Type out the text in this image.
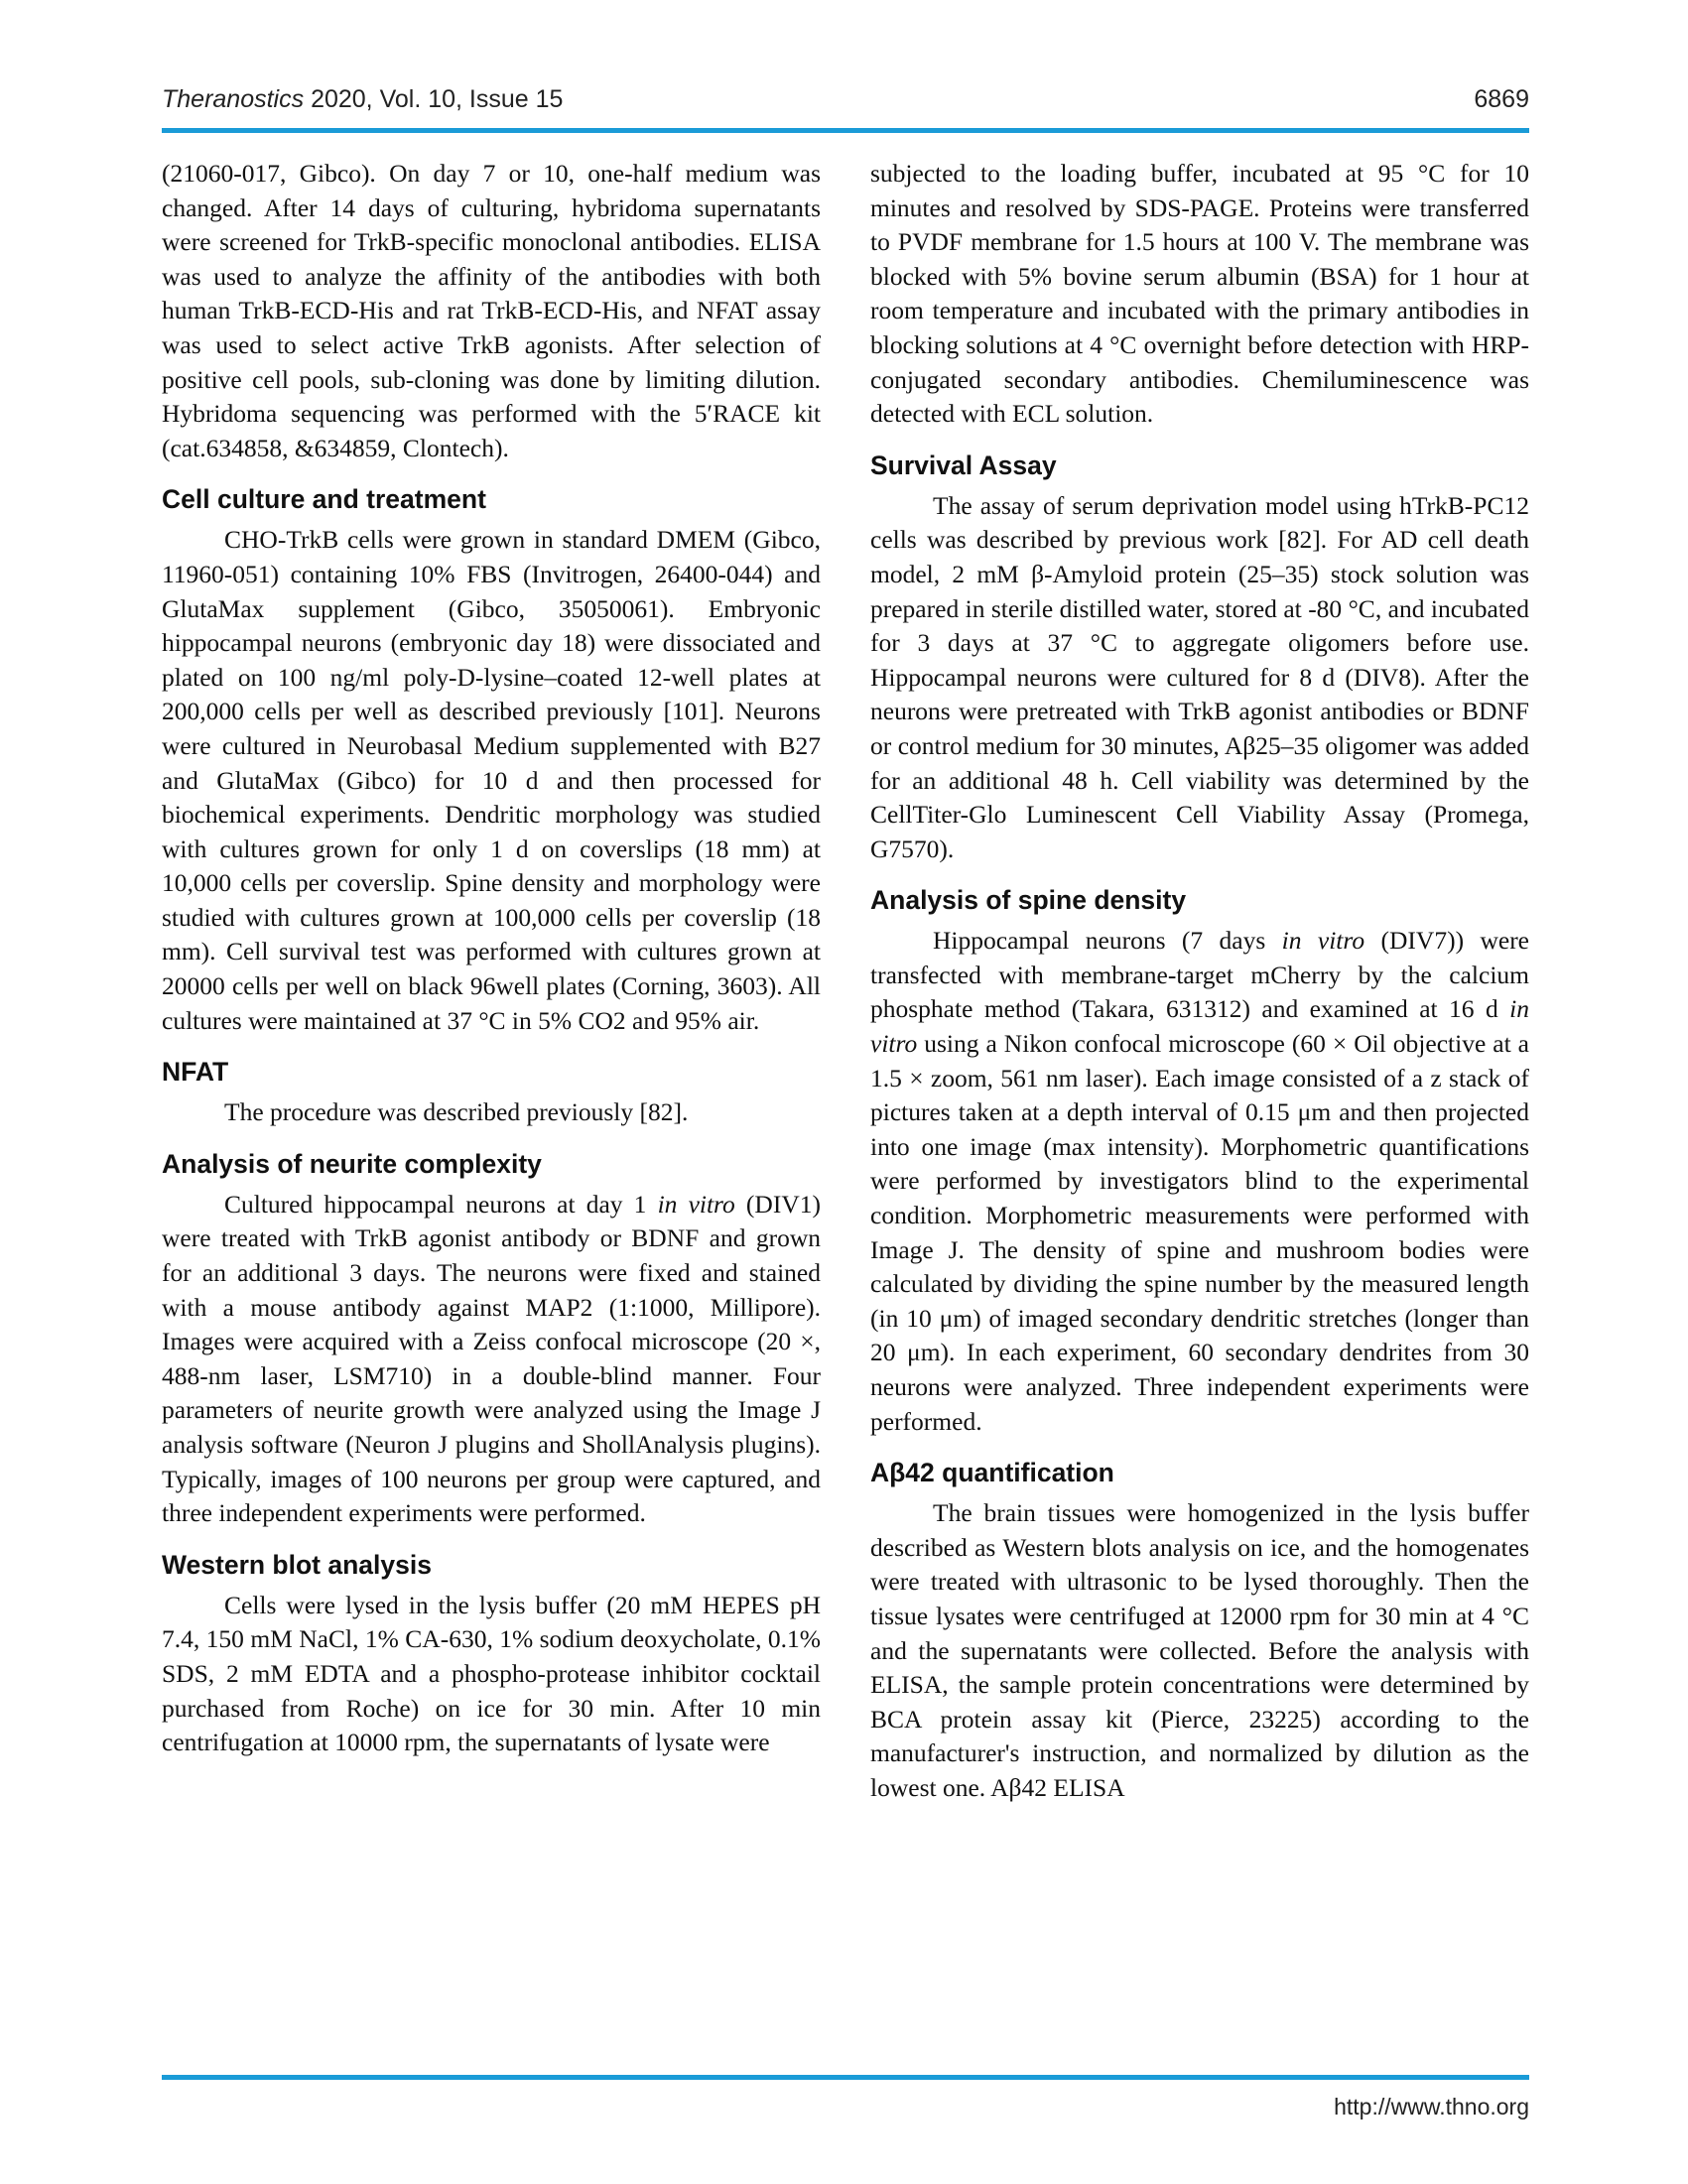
Theranostics 2020, Vol. 10, Issue 15	6869

(21060-017, Gibco). On day 7 or 10, one-half medium was changed. After 14 days of culturing, hybridoma supernatants were screened for TrkB-specific monoclonal antibodies. ELISA was used to analyze the affinity of the antibodies with both human TrkB-ECD-His and rat TrkB-ECD-His, and NFAT assay was used to select active TrkB agonists. After selection of positive cell pools, sub-cloning was done by limiting dilution. Hybridoma sequencing was performed with the 5′RACE kit (cat.634858, &634859, Clontech).

Cell culture and treatment

CHO-TrkB cells were grown in standard DMEM (Gibco, 11960-051) containing 10% FBS (Invitrogen, 26400-044) and GlutaMax supplement (Gibco, 35050061). Embryonic hippocampal neurons (embryonic day 18) were dissociated and plated on 100 ng/ml poly-D-lysine–coated 12-well plates at 200,000 cells per well as described previously [101]. Neurons were cultured in Neurobasal Medium supplemented with B27 and GlutaMax (Gibco) for 10 d and then processed for biochemical experiments. Dendritic morphology was studied with cultures grown for only 1 d on coverslips (18 mm) at 10,000 cells per coverslip. Spine density and morphology were studied with cultures grown at 100,000 cells per coverslip (18 mm). Cell survival test was performed with cultures grown at 20000 cells per well on black 96well plates (Corning, 3603). All cultures were maintained at 37 °C in 5% CO2 and 95% air.

NFAT

The procedure was described previously [82].

Analysis of neurite complexity

Cultured hippocampal neurons at day 1 in vitro (DIV1) were treated with TrkB agonist antibody or BDNF and grown for an additional 3 days. The neurons were fixed and stained with a mouse antibody against MAP2 (1:1000, Millipore). Images were acquired with a Zeiss confocal microscope (20 ×, 488-nm laser, LSM710) in a double-blind manner. Four parameters of neurite growth were analyzed using the Image J analysis software (Neuron J plugins and ShollAnalysis plugins). Typically, images of 100 neurons per group were captured, and three independent experiments were performed.

Western blot analysis

Cells were lysed in the lysis buffer (20 mM HEPES pH 7.4, 150 mM NaCl, 1% CA-630, 1% sodium deoxycholate, 0.1% SDS, 2 mM EDTA and a phospho-protease inhibitor cocktail purchased from Roche) on ice for 30 min. After 10 min centrifugation at 10000 rpm, the supernatants of lysate were

subjected to the loading buffer, incubated at 95 °C for 10 minutes and resolved by SDS-PAGE. Proteins were transferred to PVDF membrane for 1.5 hours at 100 V. The membrane was blocked with 5% bovine serum albumin (BSA) for 1 hour at room temperature and incubated with the primary antibodies in blocking solutions at 4 °C overnight before detection with HRP-conjugated secondary antibodies. Chemiluminescence was detected with ECL solution.

Survival Assay

The assay of serum deprivation model using hTrkB-PC12 cells was described by previous work [82]. For AD cell death model, 2 mM β-Amyloid protein (25–35) stock solution was prepared in sterile distilled water, stored at -80 °C, and incubated for 3 days at 37 °C to aggregate oligomers before use. Hippocampal neurons were cultured for 8 d (DIV8). After the neurons were pretreated with TrkB agonist antibodies or BDNF or control medium for 30 minutes, Aβ25–35 oligomer was added for an additional 48 h. Cell viability was determined by the CellTiter-Glo Luminescent Cell Viability Assay (Promega, G7570).

Analysis of spine density

Hippocampal neurons (7 days in vitro (DIV7)) were transfected with membrane-target mCherry by the calcium phosphate method (Takara, 631312) and examined at 16 d in vitro using a Nikon confocal microscope (60 × Oil objective at a 1.5 × zoom, 561 nm laser). Each image consisted of a z stack of pictures taken at a depth interval of 0.15 μm and then projected into one image (max intensity). Morphometric quantifications were performed by investigators blind to the experimental condition. Morphometric measurements were performed with Image J. The density of spine and mushroom bodies were calculated by dividing the spine number by the measured length (in 10 μm) of imaged secondary dendritic stretches (longer than 20 μm). In each experiment, 60 secondary dendrites from 30 neurons were analyzed. Three independent experiments were performed.

Aβ42 quantification

The brain tissues were homogenized in the lysis buffer described as Western blots analysis on ice, and the homogenates were treated with ultrasonic to be lysed thoroughly. Then the tissue lysates were centrifuged at 12000 rpm for 30 min at 4 °C and the supernatants were collected. Before the analysis with ELISA, the sample protein concentrations were determined by BCA protein assay kit (Pierce, 23225) according to the manufacturer's instruction, and normalized by dilution as the lowest one. Aβ42 ELISA

http://www.thno.org
